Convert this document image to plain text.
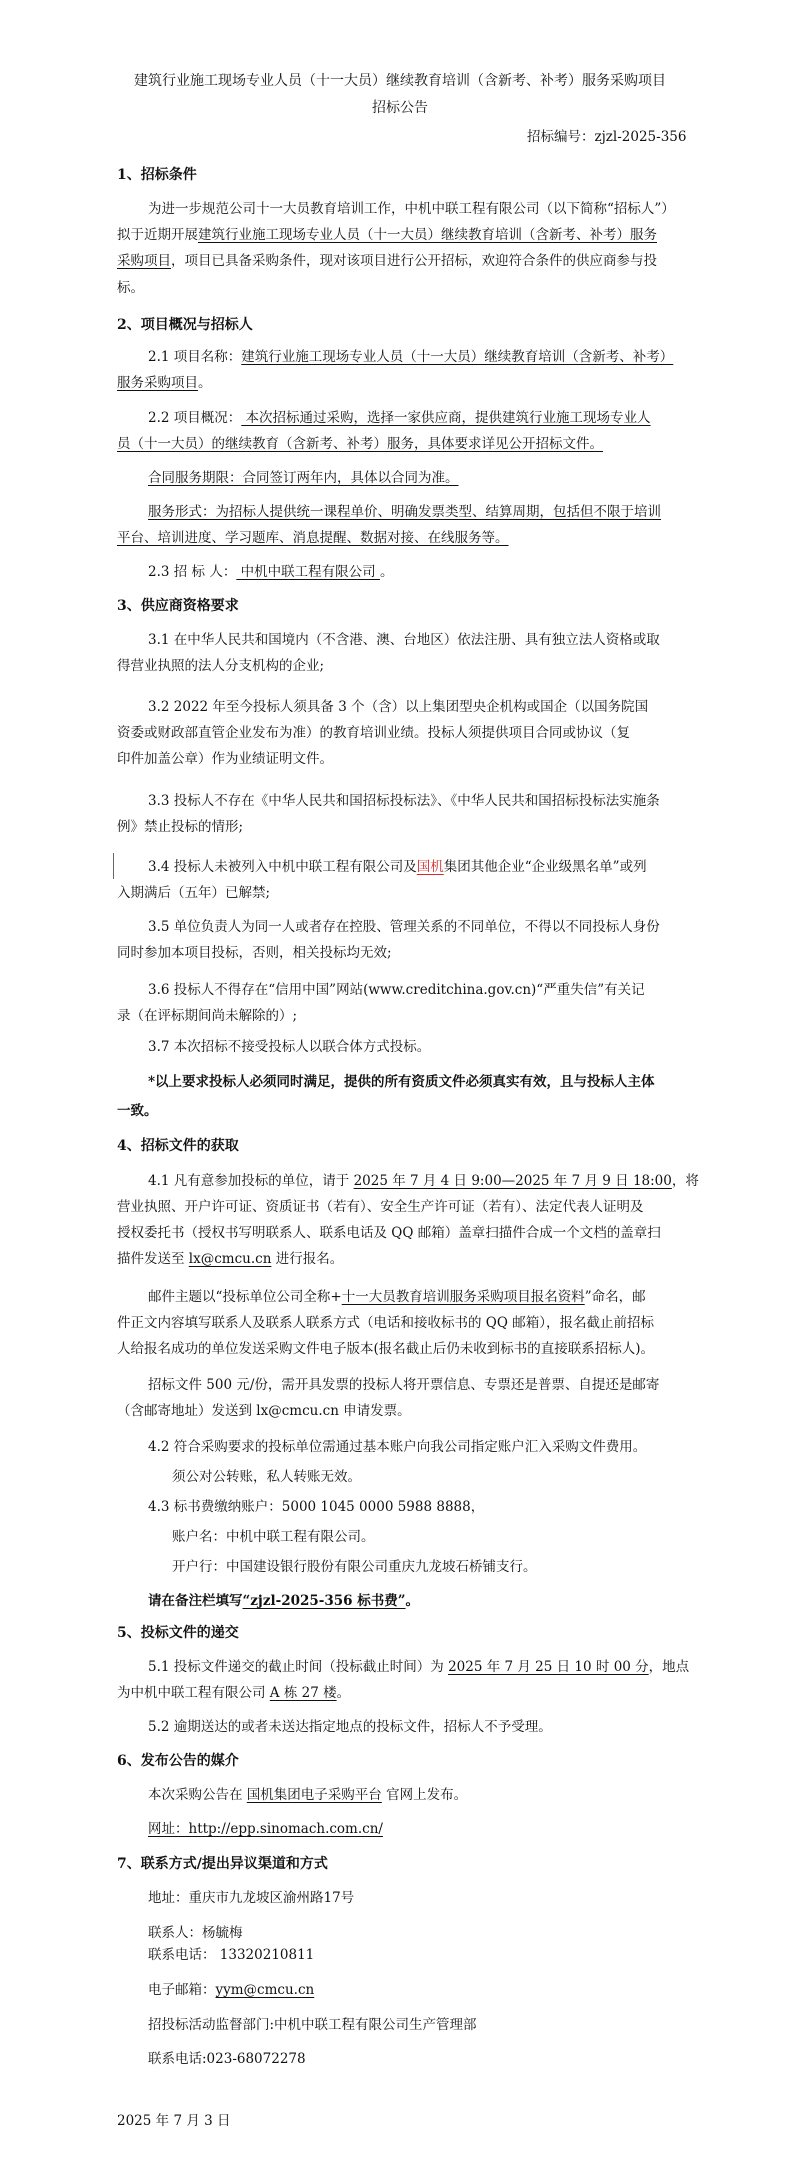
建筑行业施工现场专业人员（十一大员）继续教育培训（含新考、补考）服务采购项目
招标公告
招标编号：zjzl-2025-356
1、招标条件
为进一步规范公司十一大员教育培训工作，中机中联工程有限公司（以下简称“招标人”）
拟于近期开展建筑行业施工现场专业人员（十一大员）继续教育培训（含新考、补考）服务
采购项目，项目已具备采购条件，现对该项目进行公开招标，欢迎符合条件的供应商参与投
标。
2、项目概况与招标人
2.1 项目名称：建筑行业施工现场专业人员（十一大员）继续教育培训（含新考、补考）
服务采购项目。
2.2 项目概况： 本次招标通过采购，选择一家供应商，提供建筑行业施工现场专业人
员（十一大员）的继续教育（含新考、补考）服务，具体要求详见公开招标文件。
合同服务期限：合同签订两年内，具体以合同为准。
服务形式：为招标人提供统一课程单价、明确发票类型、结算周期，包括但不限于培训
平台、培训进度、学习题库、消息提醒、数据对接、在线服务等。
2.3 招 标 人： 中机中联工程有限公司 。
3、供应商资格要求
3.1 在中华人民共和国境内（不含港、澳、台地区）依法注册、具有独立法人资格或取
得营业执照的法人分支机构的企业;
3.2 2022 年至今投标人须具备 3 个（含）以上集团型央企机构或国企（以国务院国
资委或财政部直管企业发布为准）的教育培训业绩。投标人须提供项目合同或协议（复
印件加盖公章）作为业绩证明文件。
3.3 投标人不存在《中华人民共和国招标投标法》、《中华人民共和国招标投标法实施条
例》禁止投标的情形;
3.4 投标人未被列入中机中联工程有限公司及国机集团其他企业“企业级黑名单”或列
入期满后（五年）已解禁;
3.5 单位负责人为同一人或者存在控股、管理关系的不同单位，不得以不同投标人身份
同时参加本项目投标，否则，相关投标均无效;
3.6 投标人不得存在“信用中国”网站(www.creditchina.gov.cn)“严重失信”有关记
录（在评标期间尚未解除的）;
3.7 本次招标不接受投标人以联合体方式投标。
*以上要求投标人必须同时满足，提供的所有资质文件必须真实有效，且与投标人主体
一致。
4、招标文件的获取
4.1 凡有意参加投标的单位，请于 2025 年 7 月 4 日 9:00—2025 年 7 月 9 日 18:00，将
营业执照、开户许可证、资质证书（若有）、安全生产许可证（若有）、法定代表人证明及
授权委托书（授权书写明联系人、联系电话及 QQ 邮箱）盖章扫描件合成一个文档的盖章扫
描件发送至 lx@cmcu.cn 进行报名。
邮件主题以“投标单位公司全称+十一大员教育培训服务采购项目报名资料”命名，邮
件正文内容填写联系人及联系人联系方式（电话和接收标书的 QQ 邮箱），报名截止前招标
人给报名成功的单位发送采购文件电子版本(报名截止后仍未收到标书的直接联系招标人)。
招标文件 500 元/份，需开具发票的投标人将开票信息、专票还是普票、自提还是邮寄
（含邮寄地址）发送到 lx@cmcu.cn 申请发票。
4.2 符合采购要求的投标单位需通过基本账户向我公司指定账户汇入采购文件费用。
须公对公转账，私人转账无效。
4.3 标书费缴纳账户：5000 1045 0000 5988 8888，
账户名：中机中联工程有限公司。
开户行：中国建设银行股份有限公司重庆九龙坡石桥铺支行。
请在备注栏填写“zjzl-2025-356 标书费”。
5、投标文件的递交
5.1 投标文件递交的截止时间（投标截止时间）为 2025 年 7 月 25 日 10 时 00 分，地点
为中机中联工程有限公司 A 栋 27 楼。
5.2 逾期送达的或者未送达指定地点的投标文件，招标人不予受理。
6、发布公告的媒介
本次采购公告在 国机集团电子采购平台 官网上发布。
网址：http://epp.sinomach.com.cn/
7、联系方式/提出异议渠道和方式
地址：重庆市九龙坡区渝州路17号
联系人：杨毓梅
联系电话： 13320210811
电子邮箱：yym@cmcu.cn
招投标活动监督部门:中机中联工程有限公司生产管理部
联系电话:023-68072278
2025 年 7 月 3 日
